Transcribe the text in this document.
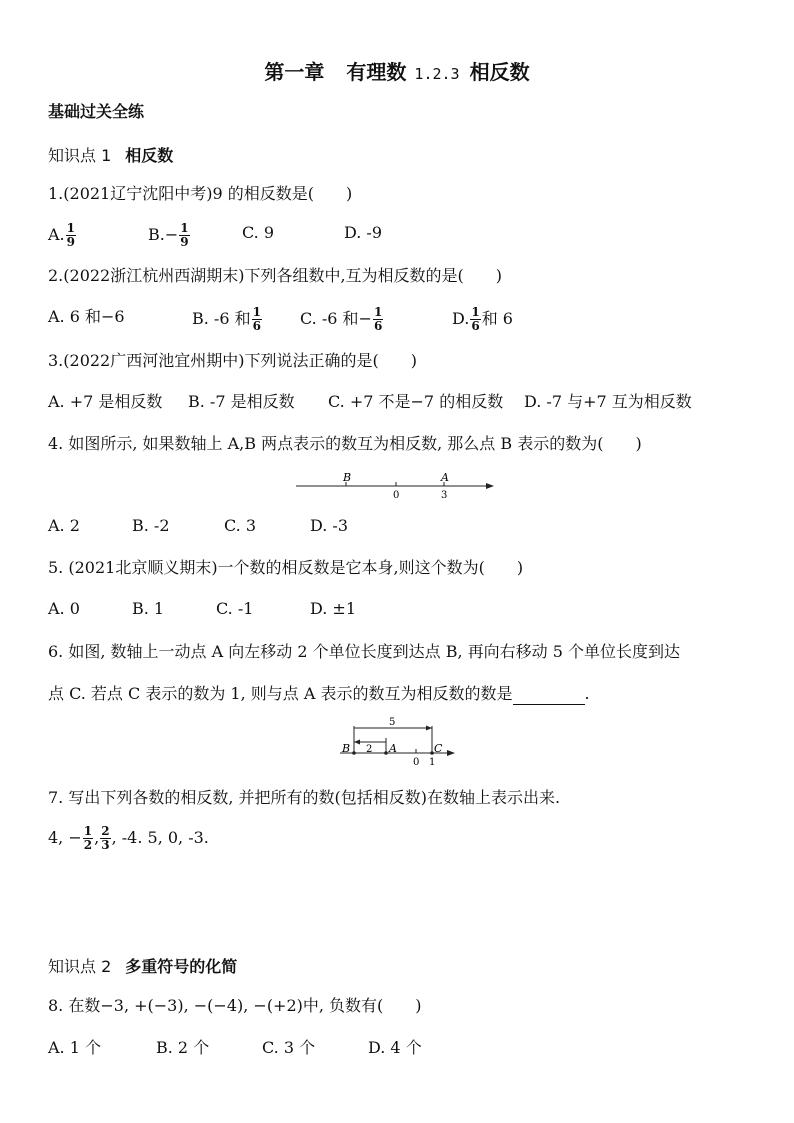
第一章 有理数 1.2.3 相反数
基础过关全练
知识点 1 相反数
1.(2021辽宁沈阳中考)9 的相反数是(　　)
A. $\frac{1}{9}$	$B.- \frac{1}{9}$	C. 9	D. -9
2.(2022浙江杭州西湖期末)下列各组数中,互为相反数的是(　　)
A. 6 和−6	B. -6 和 $\frac{1}{6} C$. -6 和− $\frac{1}{6}$	D. $\frac{1}{6}$ 和 6
3.(2022广西河池宜州期中)下列说法正确的是(　　)
A. +7 是相反数 B. -7 是相反数 C. +7 不是−7 的相反数 D. -7 与+7 互为相反数
4. 如图所示, 如果数轴上 A,B 两点表示的数互为相反数, 那么点 B 表示的数为(　　)
B	A
0	3
A. 2	B. -2	C. 3	D. -3
5. (2021北京顺义期末)一个数的相反数是它本身,则这个数为(　　)
A. 0	B. 1	C. -1	D. ±1
6. 如图, 数轴上一动点 A 向左移动 2 个单位长度到达点 B, 再向右移动 5 个单位长度到达
点 C. 若点 C 表示的数为 1, 则与点 A 表示的数互为相反数的数是	.
5
2
B	A	C
0 1
7. 写出下列各数的相反数, 并把所有的数(包括相反数)在数轴上表示出来.
4, − $\frac{1}{2}$ , $\frac{2}{3}$ , -4. 5, 0, -3.
知识点 2 多重符号的化简
8. 在数−3, +(−3), −(−4), −(+2)中, 负数有(　　)
A. 1 个	B. 2 个	C. 3 个	D. 4 个
